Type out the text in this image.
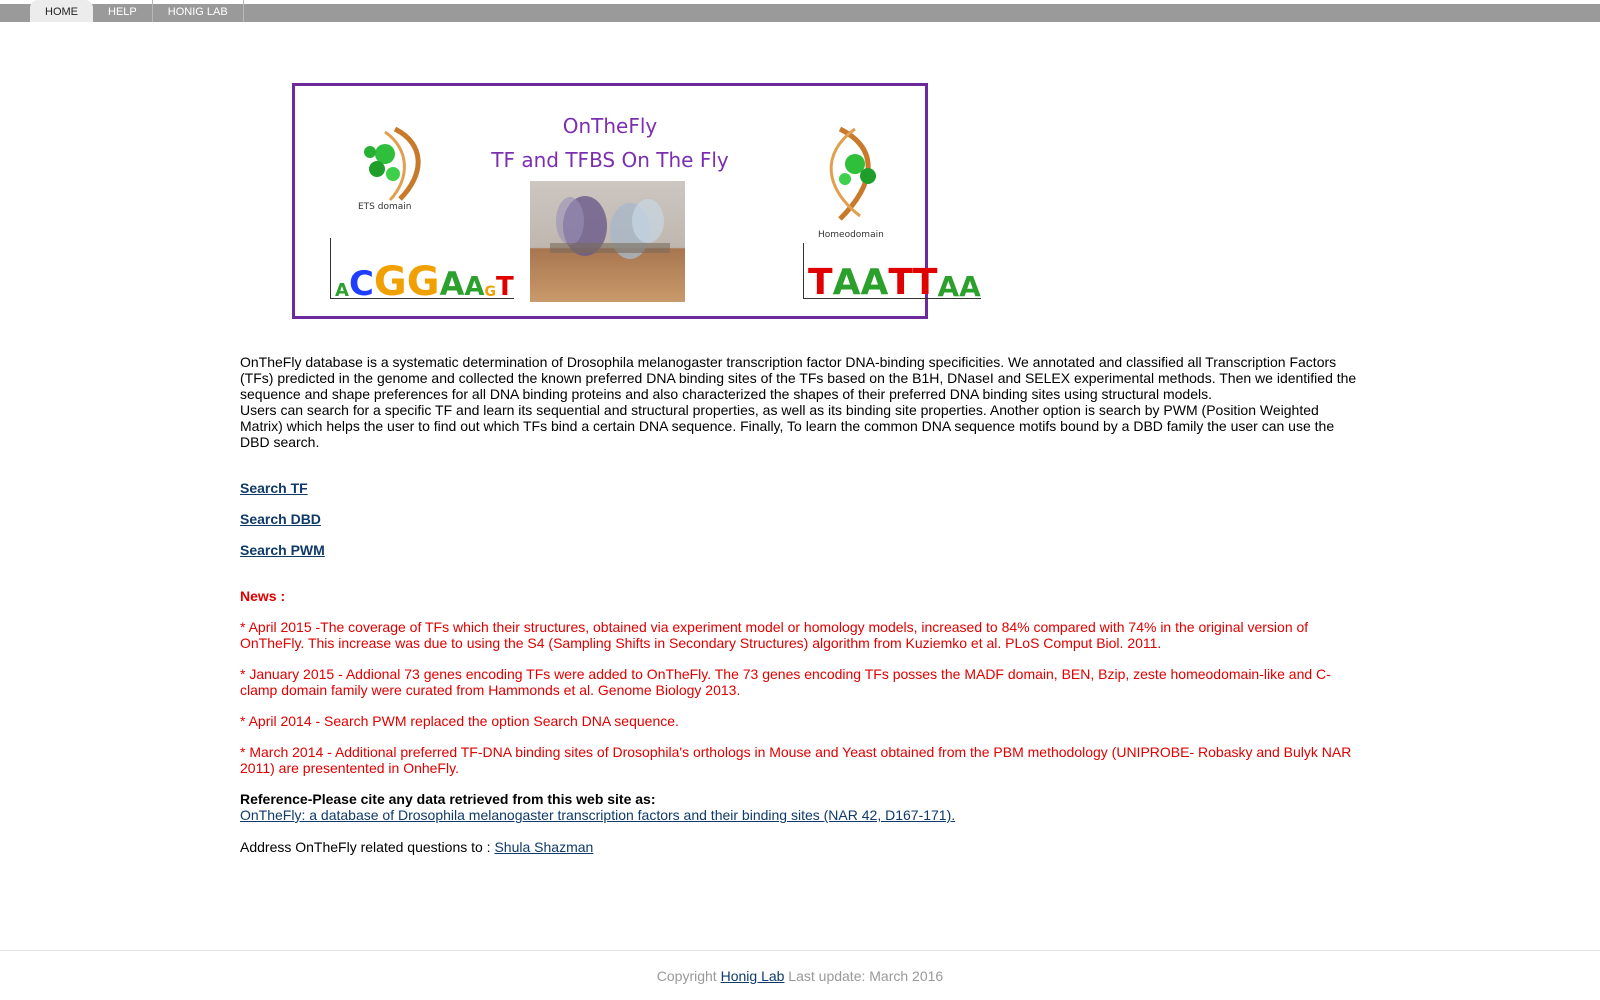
HOME	HELP	HONIG LAB
OnTheFly
TF and TFBS On The Fly
ETS domain
Homeodomain
A C G G A A G T	T A A T T A A

OnTheFly database is a systematic determination of Drosophila melanogaster transcription factor DNA-binding specificities. We annotated and classified all Transcription Factors (TFs) predicted in the genome and collected the known preferred DNA binding sites of the TFs based on the B1H, DNaseI and SELEX experimental methods. Then we identified the sequence and shape preferences for all DNA binding proteins and also characterized the shapes of their preferred DNA binding sites using structural models.

Users can search for a specific TF and learn its sequential and structural properties, as well as its binding site properties. Another option is search by PWM (Position Weighted Matrix) which helps the user to find out which TFs bind a certain DNA sequence. Finally, To learn the common DNA sequence motifs bound by a DBD family the user can use the DBD search.

Search TF
Search DBD
Search PWM
News :
* April 2015 -The coverage of TFs which their structures, obtained via experiment model or homology models, increased to 84% compared with 74% in the original version of OnTheFly. This increase was due to using the S4 (Sampling Shifts in Secondary Structures) algorithm from Kuziemko et al. PLoS Comput Biol. 2011.
* January 2015 - Addional 73 genes encoding TFs were added to OnTheFly. The 73 genes encoding TFs posses the MADF domain, BEN, Bzip, zeste homeodomain-like and C-clamp domain family were curated from Hammonds et al. Genome Biology 2013.
* April 2014 - Search PWM replaced the option Search DNA sequence.
* March 2014 - Additional preferred TF-DNA binding sites of Drosophila's orthologs in Mouse and Yeast obtained from the PBM methodology (UNIPROBE- Robasky and Bulyk NAR 2011) are presentented in OnheFly.
Reference-Please cite any data retrieved from this web site as:
OnTheFly: a database of Drosophila melanogaster transcription factors and their binding sites (NAR 42, D167-171).
Address OnTheFly related questions to : Shula Shazman
Copyright Honig Lab Last update: March 2016
